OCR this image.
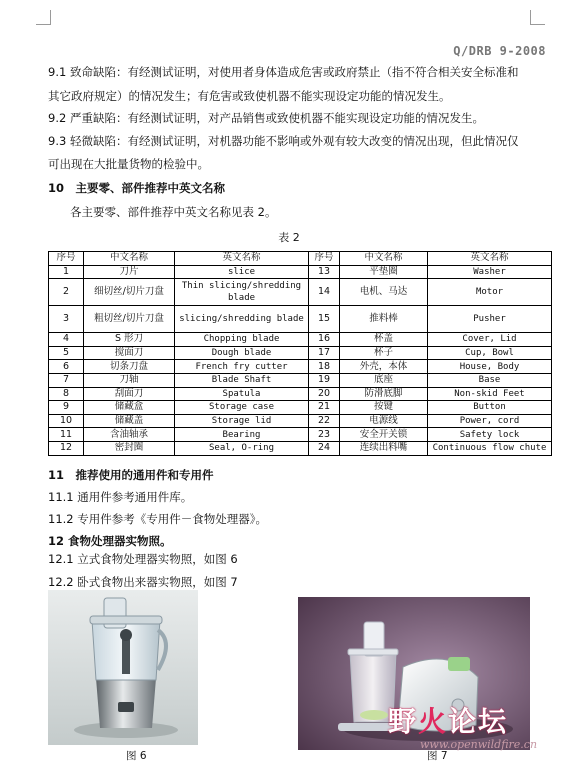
Q/DRB 9-2008
9.1 致命缺陷：有经测试证明，对使用者身体造成危害或政府禁止（指不符合相关安全标准和
其它政府规定）的情况发生；有危害或致使机器不能实现设定功能的情况发生。
9.2 严重缺陷：有经测试证明，对产品销售或致使机器不能实现设定功能的情况发生。
9.3 轻微缺陷：有经测试证明，对机器功能不影响或外观有较大改变的情况出现，但此情况仅
可出现在大批量货物的检验中。
10　主要零、部件推荐中英文名称
各主要零、部件推荐中英文名称见表 2。
表 2
序号	中文名称	英文名称	序号	中文名称	英文名称
1	刀片	slice	13	平垫圈	Washer
2	细切丝/切片刀盘	Thin slicing/shredding blade	14	电机、马达	Motor
3	粗切丝/切片刀盘	slicing/shredding blade	15	推料棒	Pusher
4	S 形刀	Chopping blade	16	杯盖	Cover, Lid
5	搅面刀	Dough blade	17	杯子	Cup, Bowl
6	切条刀盘	French fry cutter	18	外壳，本体	House, Body
7	刀轴	Blade Shaft	19	底座	Base
8	刮面刀	Spatula	20	防滑底脚	Non-skid Feet
9	储藏盒	Storage case	21	按键	Button
10	储藏盖	Storage lid	22	电源线	Power, cord
11	含油轴承	Bearing	23	安全开关锁	Safety lock
12	密封圈	Seal, O-ring	24	连续出料嘴	Continuous flow chute
11　推荐使用的通用件和专用件
11.1 通用件参考通用件库。
11.2 专用件参考《专用件－食物处理器》。
12 食物处理器实物照。
12.1 立式食物处理器实物照，如图 6
12.2 卧式食物出来器实物照，如图 7
图 6	图 7
野火论坛
www.openwildfire.cn
